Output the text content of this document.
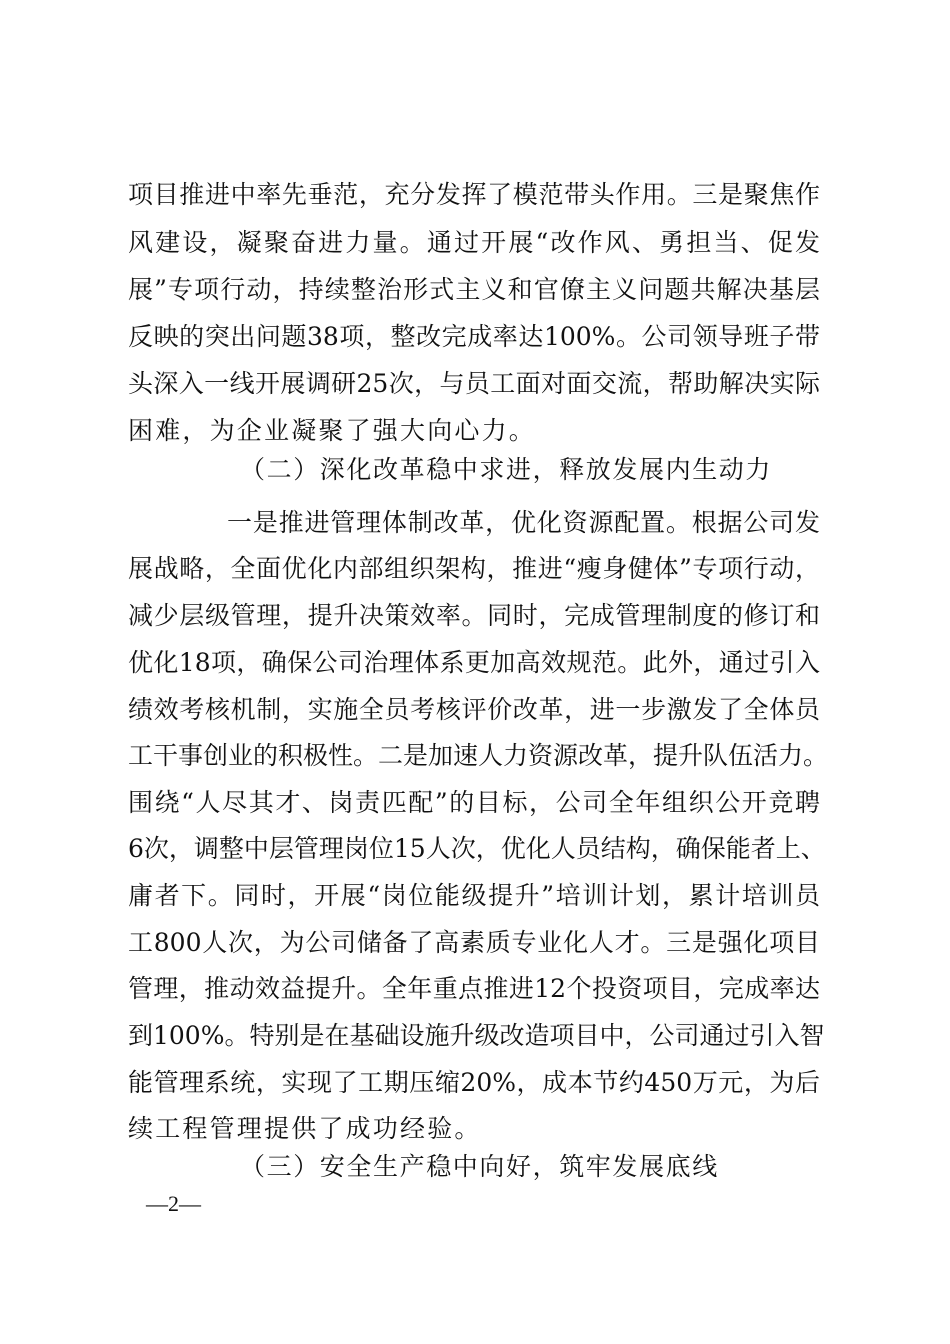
项目推进中率先垂范，充分发挥了模范带头作用。三是聚焦作
风建设，凝聚奋进力量。通过开展“改作风、勇担当、促发
展”专项行动，持续整治形式主义和官僚主义问题共解决基层
反映的突出问题38项，整改完成率达100%。公司领导班子带
头深入一线开展调研25次，与员工面对面交流，帮助解决实际
困难，为企业凝聚了强大向心力。
（二）深化改革稳中求进，释放发展内生动力
一是推进管理体制改革，优化资源配置。根据公司发
展战略，全面优化内部组织架构，推进“瘦身健体”专项行动，
减少层级管理，提升决策效率。同时，完成管理制度的修订和
优化18项，确保公司治理体系更加高效规范。此外，通过引入
绩效考核机制，实施全员考核评价改革，进一步激发了全体员
工干事创业的积极性。二是加速人力资源改革，提升队伍活力。
围绕“人尽其才、岗责匹配”的目标，公司全年组织公开竞聘
6次，调整中层管理岗位15人次，优化人员结构，确保能者上、
庸者下。同时，开展“岗位能级提升”培训计划，累计培训员
工800人次，为公司储备了高素质专业化人才。三是强化项目
管理，推动效益提升。全年重点推进12个投资项目，完成率达
到100%。特别是在基础设施升级改造项目中，公司通过引入智
能管理系统，实现了工期压缩20%，成本节约450万元，为后
续工程管理提供了成功经验。
（三）安全生产稳中向好，筑牢发展底线
—2—
